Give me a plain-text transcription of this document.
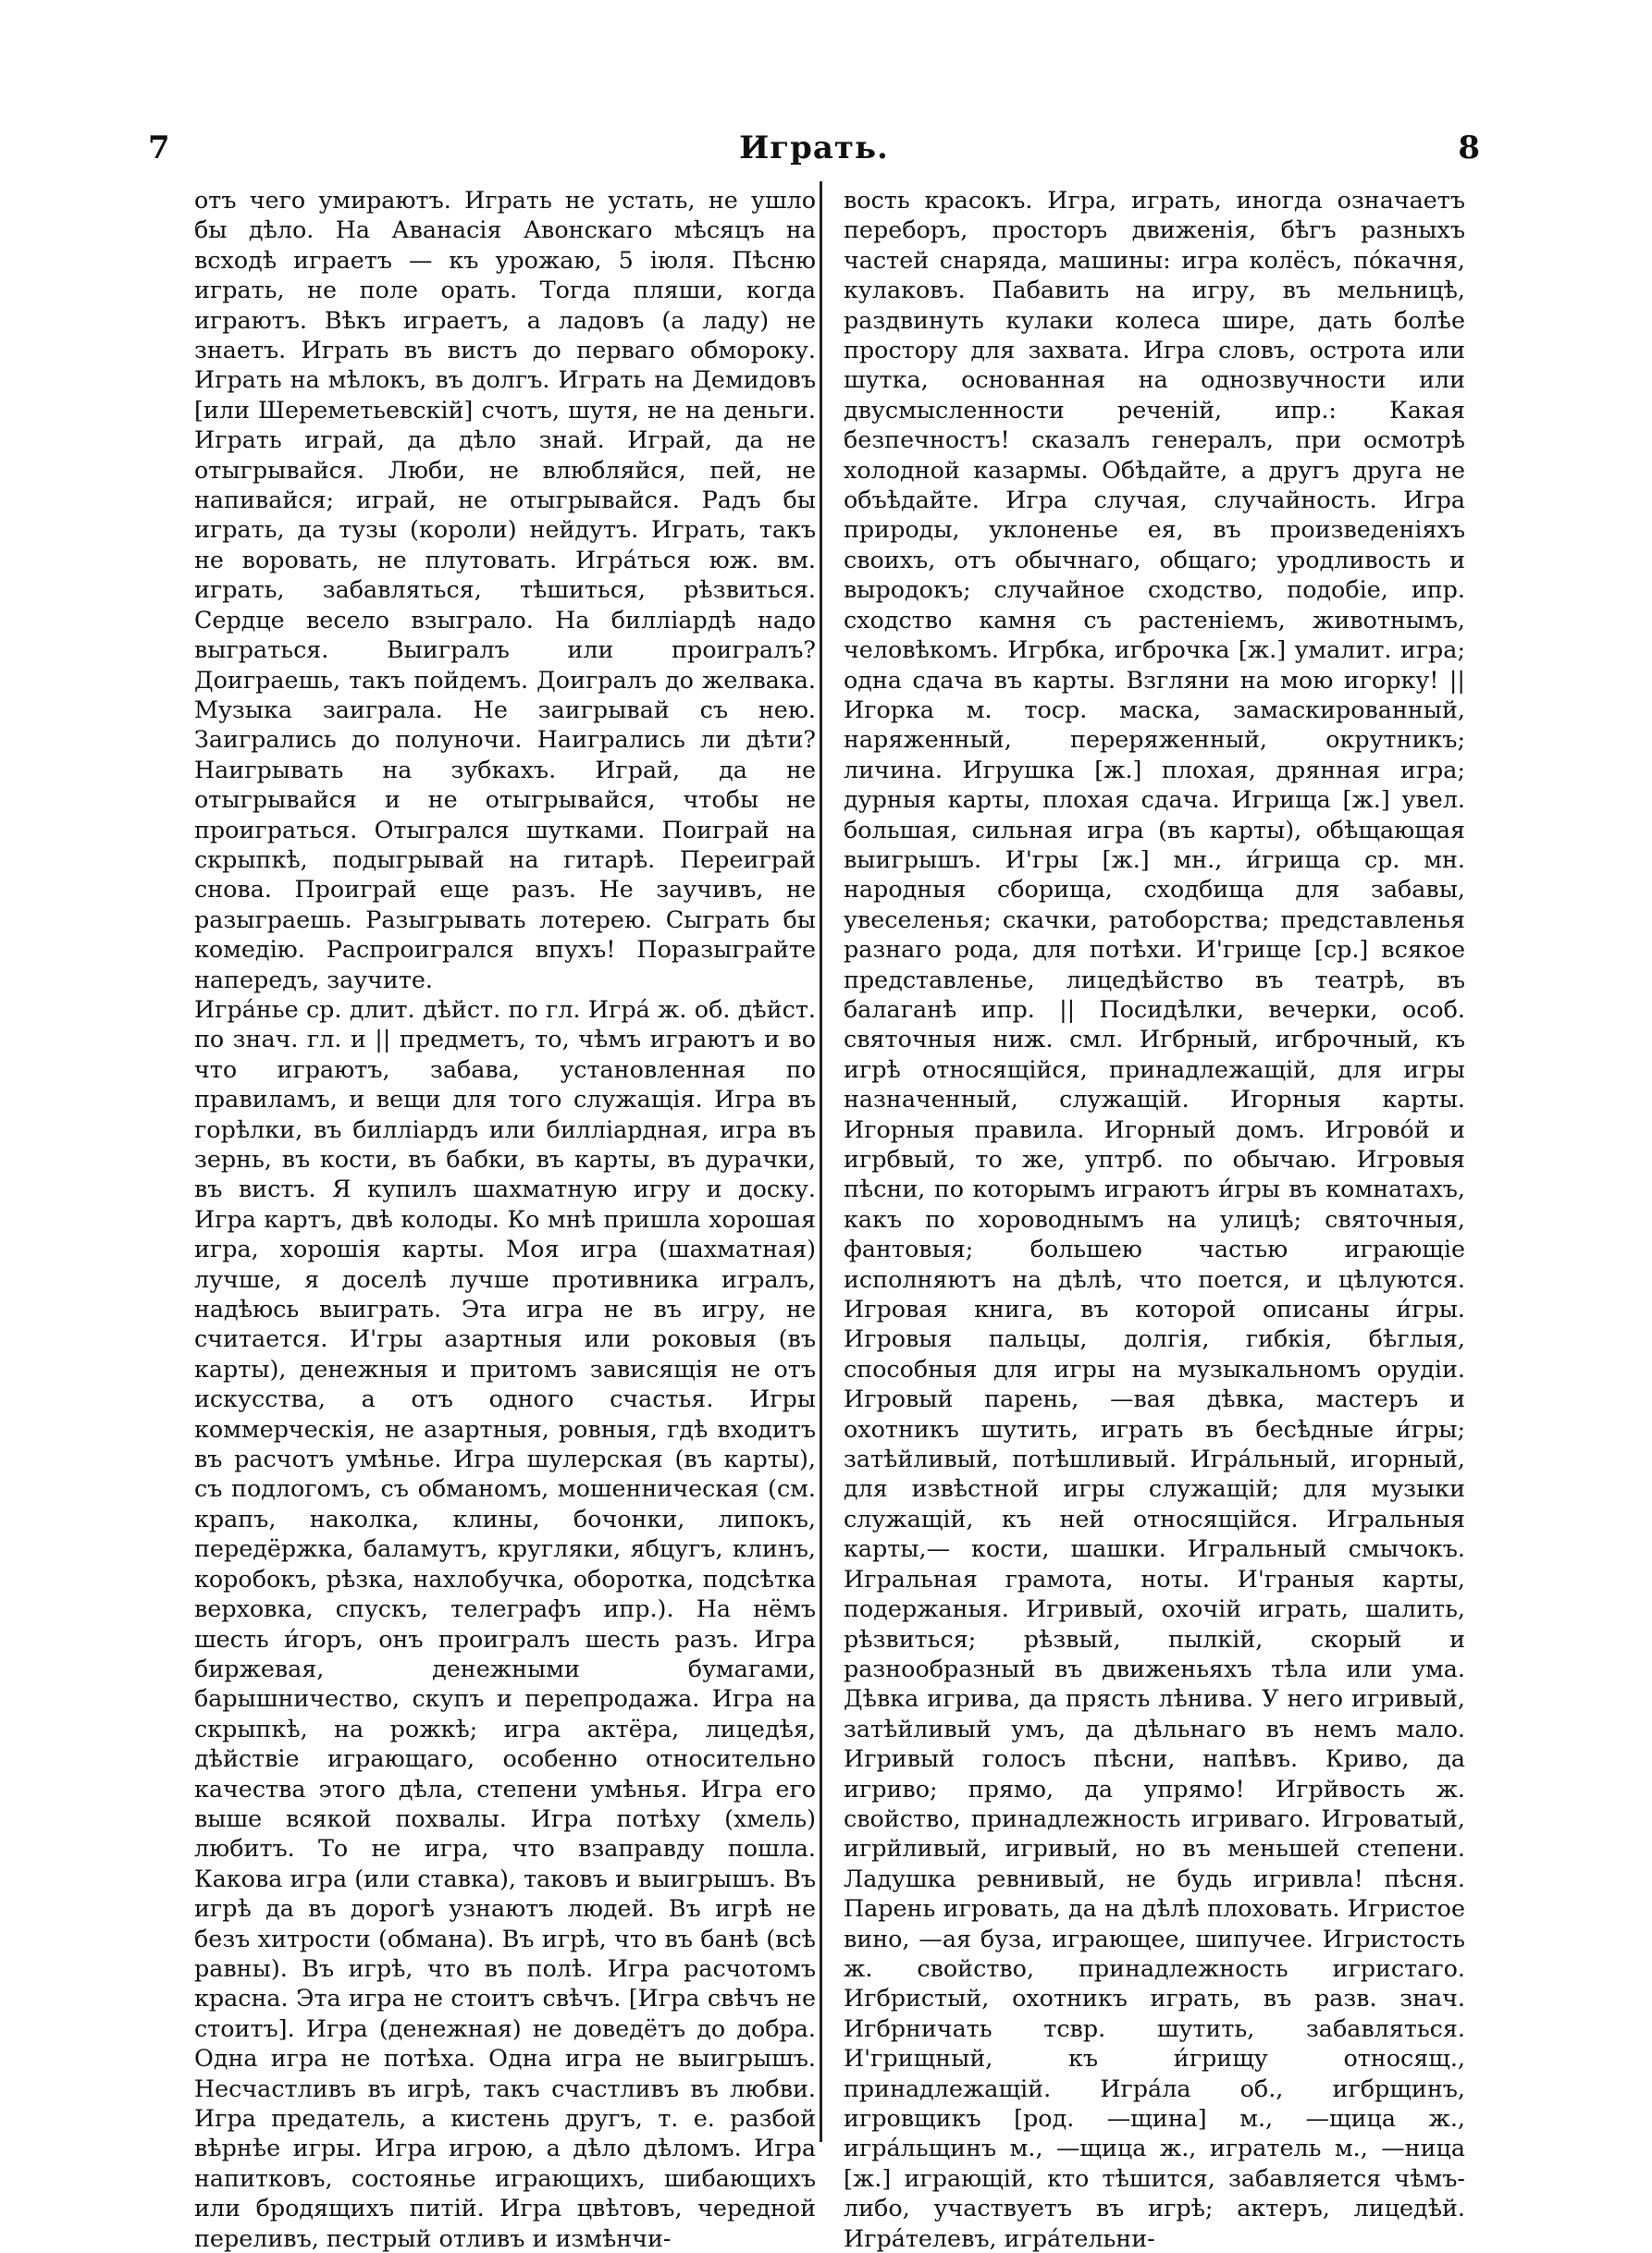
7	Играть.	8

отъ чего умираютъ. Играть не устать, не ушло бы дѣло. На Аванасія Авонскаго мѣсяцъ на всходѣ играетъ — къ урожаю, 5 іюля. Пѣсню играть, не поле орать. Тогда пляши, когда играютъ. Вѣкъ играетъ, а ладовъ (а ладу) не знаетъ. Играть въ вистъ до перваго обмороку. Играть на мѣлокъ, въ долгъ. Играть на Демидовъ [или Шереметьевскій] счотъ, шутя, не на деньги. Играть играй, да дѣло знай. Играй, да не отыгрывайся. Люби, не влюбляйся, пей, не напивайся; играй, не отыгрывайся. Радъ бы играть, да тузы (короли) нейдутъ. Играть, такъ не воровать, не плутовать. Игра́ться юж. вм. играть, забавляться, тѣшиться, рѣзвиться. Сердце весело взыграло. На билліардѣ надо выграться. Выигралъ или проигралъ? Доиграешь, такъ пойдемъ. Доигралъ до желвака. Музыка заиграла. Не заигрывай съ нею. Заигрались до полуночи. Наигрались ли дѣти? Наигрывать на зубкахъ. Играй, да не отыгрывайся и не отыгрывайся, чтобы не проиграться. Отыгрался шутками. Поиграй на скрыпкѣ, подыгрывай на гитарѣ. Переиграй снова. Проиграй еще разъ. Не заучивъ, не разыграешь. Разыгрывать лотерею. Сыграть бы комедію. Распроигрался впухъ! Поразыграйте напередъ, заучите.

Игра́нье ср. длит. дѣйст. по гл. Игра́ ж. об. дѣйст. по знач. гл. и || предметъ, то, чѣмъ играютъ и во что играютъ, забава, установленная по правиламъ, и вещи для того служащія. Игра въ горѣлки, въ билліардъ или билліардная, игра въ зернь, въ кости, въ бабки, въ карты, въ дурачки, въ вистъ. Я купилъ шахматную игру и доску. Игра картъ, двѣ колоды. Ко мнѣ пришла хорошая игра, хорошія карты. Моя игра (шахматная) лучше, я доселѣ лучше противника игралъ, надѣюсь выиграть. Эта игра не въ игру, не считается. И'гры азартныя или роковыя (въ карты), денежныя и притомъ зависящія не отъ искусства, а отъ одного счастья. Игры коммерческія, не азартныя, ровныя, гдѣ входитъ въ расчотъ умѣнье. Игра шулерская (въ карты), съ подлогомъ, съ обманомъ, мошенническая (см. крапъ, наколка, клины, бочонки, липокъ, передёржка, баламутъ, кругляки, ябцугъ, клинъ, коробокъ, рѣзка, нахлобучка, оборотка, подсѣтка верховка, спускъ, телеграфъ ипр.). На нёмъ шесть и́горъ, онъ проигралъ шесть разъ. Игра биржевая, денежными бумагами, барышничество, скупъ и перепродажа. Игра на скрыпкѣ, на рожкѣ; игра актёра, лицедѣя, дѣйствіе играющаго, особенно относительно качества этого дѣла, степени умѣнья. Игра его выше всякой похвалы. Игра потѣху (хмель) любитъ. То не игра, что взаправду пошла. Какова игра (или ставка), таковъ и выигрышъ. Въ игрѣ да въ дорогѣ узнаютъ людей. Въ игрѣ не безъ хитрости (обмана). Въ игрѣ, что въ банѣ (всѣ равны). Въ игрѣ, что въ полѣ. Игра расчотомъ красна. Эта игра не стоитъ свѣчъ. [Игра свѣчъ не стоитъ]. Игра (денежная) не доведётъ до добра. Одна игра не потѣха. Одна игра не выигрышъ. Несчастливъ въ игрѣ, такъ счастливъ въ любви. Игра предатель, а кистень другъ, т. е. разбой вѣрнѣе игры. Игра игрою, а дѣло дѣломъ. Игра напитковъ, состоянье играющихъ, шибающихъ или бродящихъ питій. Игра цвѣтовъ, чередной переливъ, пестрый отливъ и измѣнчи-

вость красокъ. Игра, играть, иногда означаетъ переборъ, просторъ движенія, бѣгъ разныхъ частей снаряда, машины: игра колёсъ, по́качня, кулаковъ. Пабавить на игру, въ мельницѣ, раздвинуть кулаки колеса шире, дать болѣе простору для захвата. Игра словъ, острота или шутка, основанная на однозвучности или двусмысленности реченій, ипр.: Какая безпечностъ! сказалъ генералъ, при осмотрѣ холодной казармы. Обѣдайте, а другъ друга не объѣдайте. Игра случая, случайность. Игра природы, уклоненье ея, въ произведеніяхъ своихъ, отъ обычнаго, общаго; уродливость и выродокъ; случайное сходство, подобіе, ипр. сходство камня съ растеніемъ, животнымъ, человѣкомъ. Игрбка, игброчка [ж.] умалит. игра; одна сдача въ карты. Взгляни на мою игорку! || Игорка м. тоср. маска, замаскированный, наряженный, переряженный, окрутникъ; личина. Игрушка [ж.] плохая, дрянная игра; дурныя карты, плохая сдача. Игрища [ж.] увел. большая, сильная игра (въ карты), обѣщающая выигрышъ. И'гры [ж.] мн., и́грища ср. мн. народныя сборища, сходбища для забавы, увеселенья; скачки, ратоборства; представленья разнаго рода, для потѣхи. И'грище [ср.] всякое представленье, лицедѣйство въ театрѣ, въ балаганѣ ипр. || Посидѣлки, вечерки, особ. святочныя ниж. смл. Игбрный, игброчный, къ игрѣ относящійся, принадлежащій, для игры назначенный, служащій. Игорныя карты. Игорныя правила. Игорный домъ. Игрово́й и игрбвый, то же, уптрб. по обычаю. Игровыя пѣсни, по которымъ играютъ и́гры въ комнатахъ, какъ по хороводнымъ на улицѣ; святочныя, фантовыя; большею частью играющіе исполняютъ на дѣлѣ, что поется, и цѣлуются. Игровая книга, въ которой описаны и́гры. Игровыя пальцы, долгія, гибкія, бѣглыя, способныя для игры на музыкальномъ орудіи. Игровый парень, —вая дѣвка, мастеръ и охотникъ шутить, играть въ бесѣдные и́гры; затѣйливый, потѣшливый. Игра́льный, игорный, для извѣстной игры служащій; для музыки служащій, къ ней относящійся. Игральныя карты,— кости, шашки. Игральный смычокъ. Игральная грамота, ноты. И'граныя карты, подержаныя. Игривый, охочій играть, шалить, рѣзвиться; рѣзвый, пылкій, скорый и разнообразный въ движеньяхъ тѣла или ума. Дѣвка игрива, да прясть лѣнива. У него игривый, затѣйливый умъ, да дѣльнаго въ немъ мало. Игривый голосъ пѣсни, напѣвъ. Криво, да игриво; прямо, да упрямо! Игрйвость ж. свойство, принадлежность игриваго. Игроватый, игрйливый, игривый, но въ меньшей степени. Ладушка ревнивый, не будь игривла! пѣсня. Парень игровать, да на дѣлѣ плоховать. Игристое вино, —ая буза, играющее, шипучее. Игристость ж. свойство, принадлежность игристаго. Игбристый, охотникъ играть, въ разв. знач. Игбрничать тсвр. шутить, забавляться. И'грищный, къ и́грищу относящ., принадлежащій. Игра́ла об., игбрщинъ, игровщикъ [род. —щина] м., —щица ж., игра́льщинъ м., —щица ж., игратель м., —ница [ж.] играющій, кто тѣшится, забавляется чѣмъ-либо, участвуетъ въ игрѣ; актеръ, лицедѣй. Игра́телевъ, игра́тельни-
